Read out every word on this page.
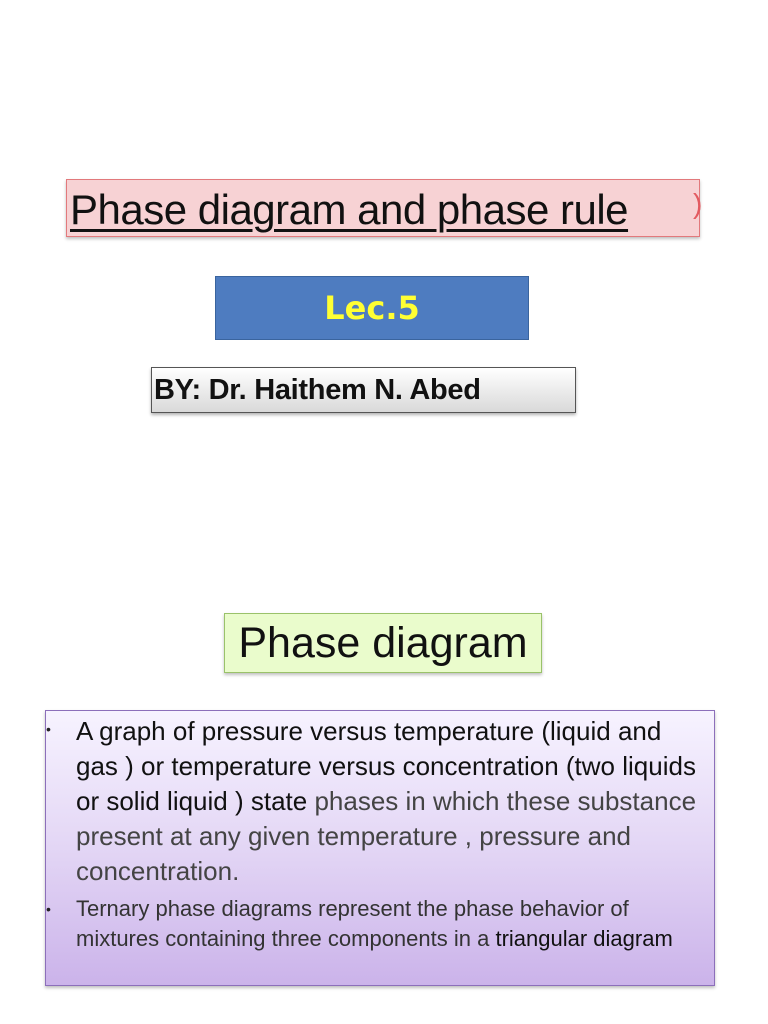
Phase diagram and phase rule )
Lec.5
BY: Dr. Haithem N. Abed
Phase diagram
• A graph of pressure versus temperature (liquid and gas ) or temperature versus concentration (two liquids or solid liquid ) state phases in which these substance present at any given temperature , pressure and concentration.

• Ternary phase diagrams represent the phase behavior of mixtures containing three components in a triangular diagram
